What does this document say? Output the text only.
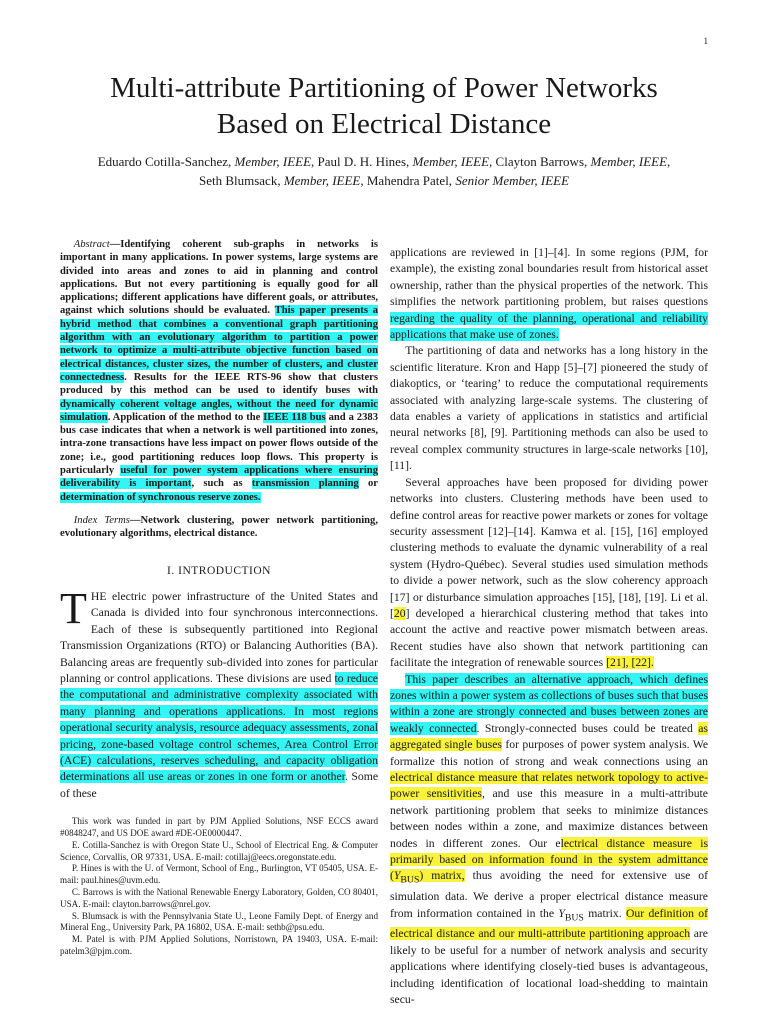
1
Multi-attribute Partitioning of Power Networks
Based on Electrical Distance
Eduardo Cotilla-Sanchez, Member, IEEE, Paul D. H. Hines, Member, IEEE, Clayton Barrows, Member, IEEE,
Seth Blumsack, Member, IEEE, Mahendra Patel, Senior Member, IEEE

Abstract—Identifying coherent sub-graphs in networks is important in many applications. In power systems, large systems are divided into areas and zones to aid in planning and control applications. But not every partitioning is equally good for all applications; different applications have different goals, or attributes, against which solutions should be evaluated. This paper presents a hybrid method that combines a conventional graph partitioning algorithm with an evolutionary algorithm to partition a power network to optimize a multi-attribute objective function based on electrical distances, cluster sizes, the number of clusters, and cluster connectedness. Results for the IEEE RTS-96 show that clusters produced by this method can be used to identify buses with dynamically coherent voltage angles, without the need for dynamic simulation. Application of the method to the IEEE 118 bus and a 2383 bus case indicates that when a network is well partitioned into zones, intra-zone transactions have less impact on power flows outside of the zone; i.e., good partitioning reduces loop flows. This property is particularly useful for power system applications where ensuring deliverability is important, such as transmission planning or determination of synchronous reserve zones.

Index Terms—Network clustering, power network partitioning, evolutionary algorithms, electrical distance.

I. INTRODUCTION

THE electric power infrastructure of the United States and Canada is divided into four synchronous interconnections. Each of these is subsequently partitioned into Regional Transmission Organizations (RTO) or Balancing Authorities (BA). Balancing areas are frequently sub-divided into zones for particular planning or control applications. These divisions are used to reduce the computational and administrative complexity associated with many planning and operations applications. In most regions operational security analysis, resource adequacy assessments, zonal pricing, zone-based voltage control schemes, Area Control Error (ACE) calculations, reserves scheduling, and capacity obligation determinations all use areas or zones in one form or another. Some of these

This work was funded in part by PJM Applied Solutions, NSF ECCS award #0848247, and US DOE award #DE-OE0000447.

E. Cotilla-Sanchez is with Oregon State U., School of Electrical Eng. & Computer Science, Corvallis, OR 97331, USA. E-mail: cotillaj@eecs.oregonstate.edu.

P. Hines is with the U. of Vermont, School of Eng., Burlington, VT 05405, USA. E-mail: paul.hines@uvm.edu.

C. Barrows is with the National Renewable Energy Laboratory, Golden, CO 80401, USA. E-mail: clayton.barrows@nrel.gov.

S. Blumsack is with the Pennsylvania State U., Leone Family Dept. of Energy and Mineral Eng., University Park, PA 16802, USA. E-mail: sethb@psu.edu.

M. Patel is with PJM Applied Solutions, Norristown, PA 19403, USA. E-mail: patelm3@pjm.com.

applications are reviewed in [1]–[4]. In some regions (PJM, for example), the existing zonal boundaries result from historical asset ownership, rather than the physical properties of the network. This simplifies the network partitioning problem, but raises questions regarding the quality of the planning, operational and reliability applications that make use of zones.

The partitioning of data and networks has a long history in the scientific literature. Kron and Happ [5]–[7] pioneered the study of diakoptics, or ‘tearing’ to reduce the computational requirements associated with analyzing large-scale systems. The clustering of data enables a variety of applications in statistics and artificial neural networks [8], [9]. Partitioning methods can also be used to reveal complex community structures in large-scale networks [10], [11].

Several approaches have been proposed for dividing power networks into clusters. Clustering methods have been used to define control areas for reactive power markets or zones for voltage security assessment [12]–[14]. Kamwa et al. [15], [16] employed clustering methods to evaluate the dynamic vulnerability of a real system (Hydro-Québec). Several studies used simulation methods to divide a power network, such as the slow coherency approach [17] or disturbance simulation approaches [15], [18], [19]. Li et al. [20] developed a hierarchical clustering method that takes into account the active and reactive power mismatch between areas. Recent studies have also shown that network partitioning can facilitate the integration of renewable sources [21], [22].

This paper describes an alternative approach, which defines zones within a power system as collections of buses such that buses within a zone are strongly connected and buses between zones are weakly connected. Strongly-connected buses could be treated as aggregated single buses for purposes of power system analysis. We formalize this notion of strong and weak connections using an electrical distance measure that relates network topology to active-power sensitivities, and use this measure in a multi-attribute network partitioning problem that seeks to minimize distances between nodes within a zone, and maximize distances between nodes in different zones. Our electrical distance measure is primarily based on information found in the system admittance $(Y_{BUS})$ matrix, thus avoiding the need for extensive use of simulation data. We derive a proper electrical distance measure from information contained in the $Y_{BUS}$ matrix. Our definition of electrical distance and our multi-attribute partitioning approach are likely to be useful for a number of network analysis and security applications where identifying closely-tied buses is advantageous, including identification of locational load-shedding to maintain secu-
